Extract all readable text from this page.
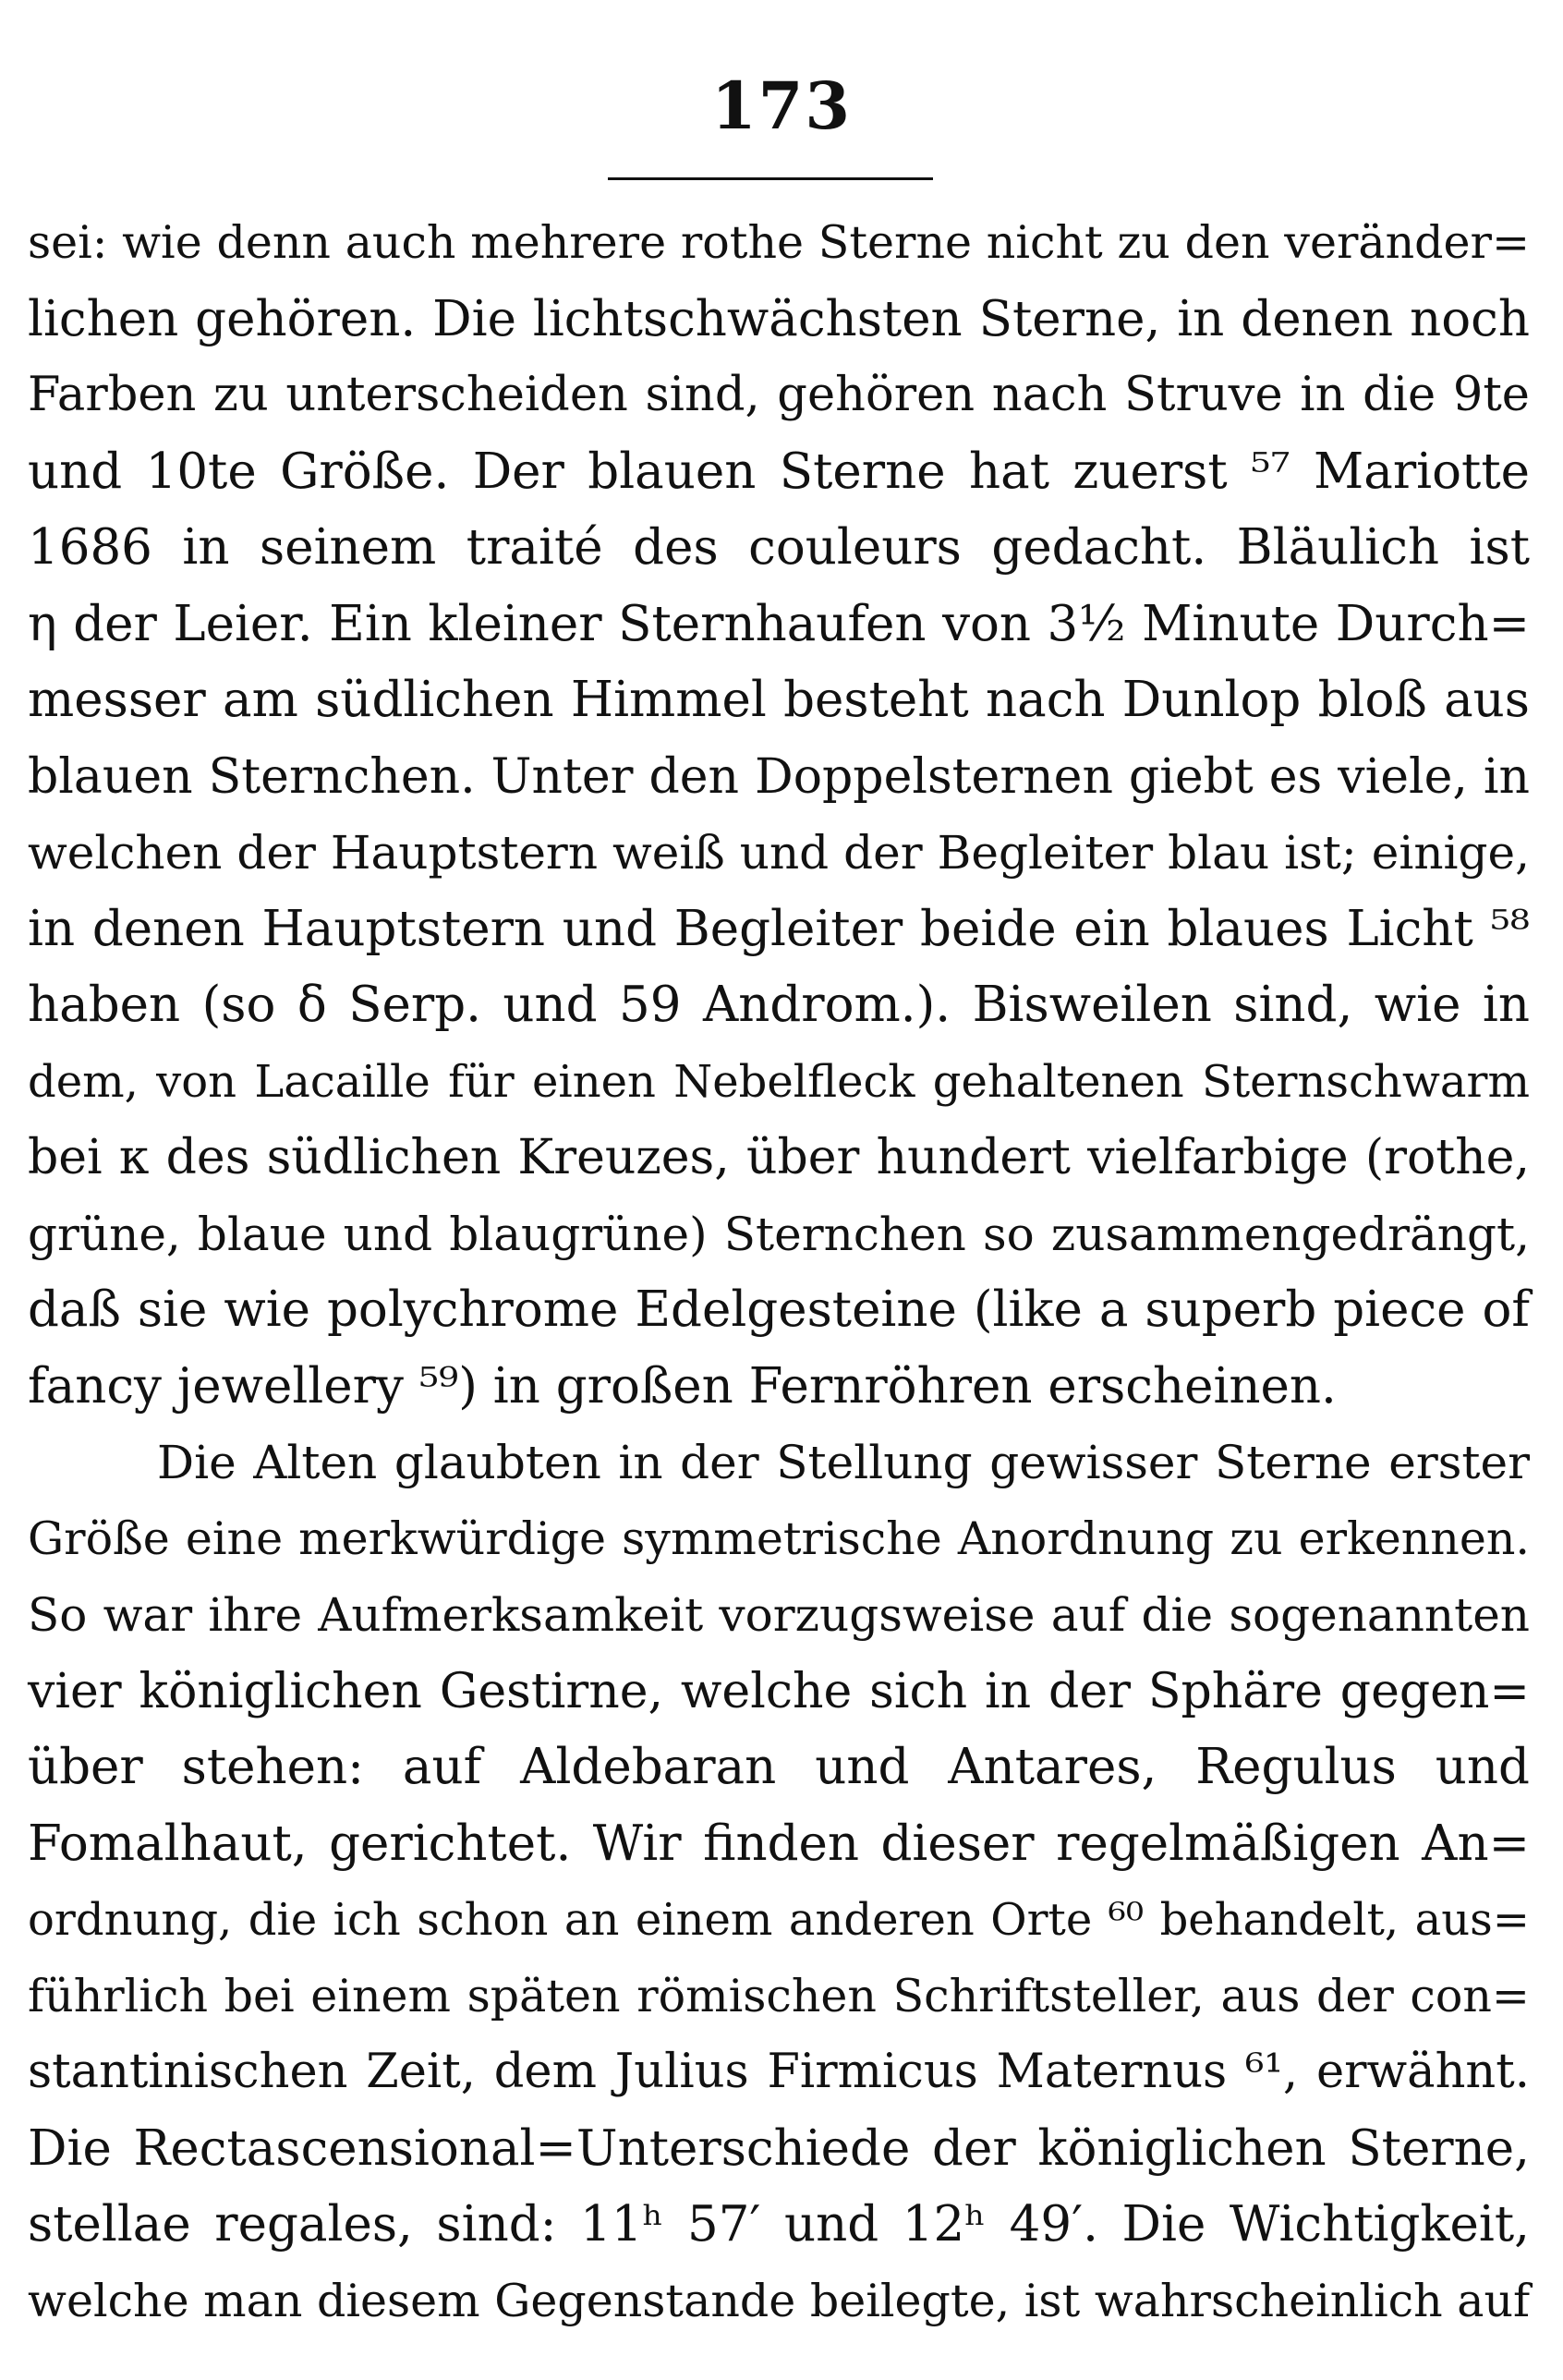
173
sei: wie denn auch mehrere rothe Sterne nicht zu den veränder=
lichen gehören. Die lichtschwächsten Sterne, in denen noch
Farben zu unterscheiden sind, gehören nach Struve in die 9te
und 10te Größe. Der blauen Sterne hat zuerst ⁵⁷ Mariotte
1686 in seinem traité des couleurs gedacht. Bläulich ist
η der Leier. Ein kleiner Sternhaufen von 3½ Minute Durch=
messer am südlichen Himmel besteht nach Dunlop bloß aus
blauen Sternchen. Unter den Doppelsternen giebt es viele, in
welchen der Hauptstern weiß und der Begleiter blau ist; einige,
in denen Hauptstern und Begleiter beide ein blaues Licht ⁵⁸
haben (so δ Serp. und 59 Androm.). Bisweilen sind, wie in
dem, von Lacaille für einen Nebelfleck gehaltenen Sternschwarm
bei κ des südlichen Kreuzes, über hundert vielfarbige (rothe,
grüne, blaue und blaugrüne) Sternchen so zusammengedrängt,
daß sie wie polychrome Edelgesteine (like a superb piece of
fancy jewellery ⁵⁹) in großen Fernröhren erscheinen.
Die Alten glaubten in der Stellung gewisser Sterne erster
Größe eine merkwürdige symmetrische Anordnung zu erkennen.
So war ihre Aufmerksamkeit vorzugsweise auf die sogenannten
vier königlichen Gestirne, welche sich in der Sphäre gegen=
über stehen: auf Aldebaran und Antares, Regulus und
Fomalhaut, gerichtet. Wir finden dieser regelmäßigen An=
ordnung, die ich schon an einem anderen Orte ⁶⁰ behandelt, aus=
führlich bei einem späten römischen Schriftsteller, aus der con=
stantinischen Zeit, dem Julius Firmicus Maternus ⁶¹, erwähnt.
Die Rectascensional=Unterschiede der königlichen Sterne,
stellae regales, sind: 11ʰ 57′ und 12ʰ 49′. Die Wichtigkeit,
welche man diesem Gegenstande beilegte, ist wahrscheinlich auf
